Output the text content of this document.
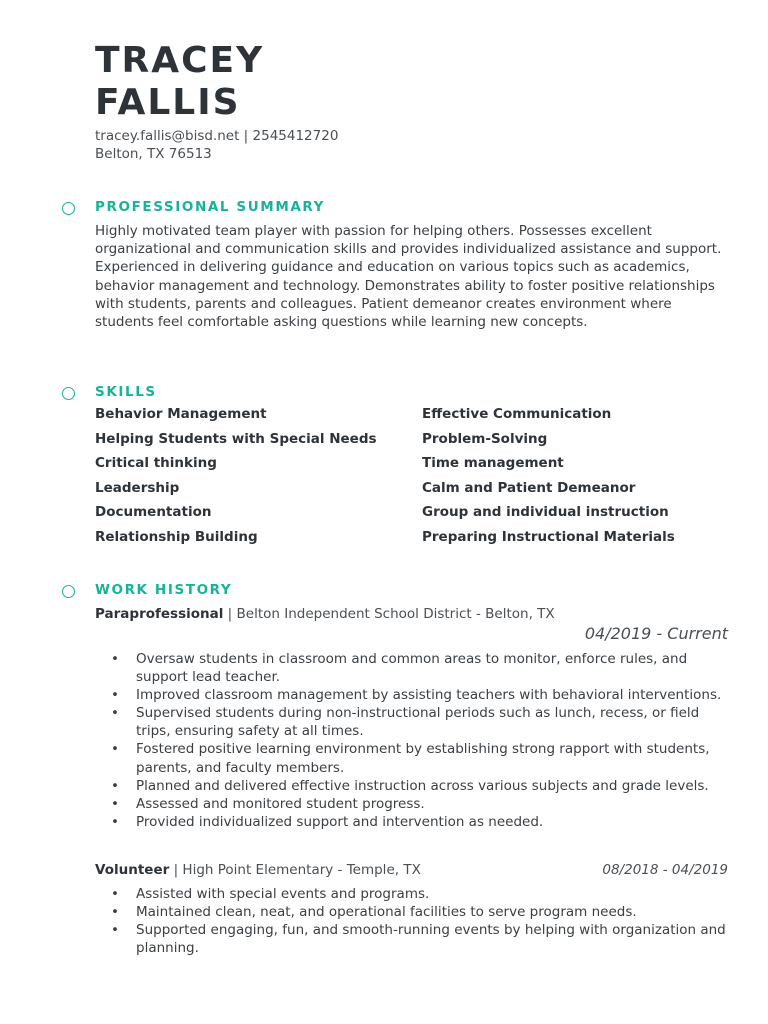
TRACEY
FALLIS
tracey.fallis@bisd.net | 2545412720
Belton, TX 76513
PROFESSIONAL SUMMARY

Highly motivated team player with passion for helping others. Possesses excellent organizational and communication skills and provides individualized assistance and support. Experienced in delivering guidance and education on various topics such as academics, behavior management and technology. Demonstrates ability to foster positive relationships with students, parents and colleagues. Patient demeanor creates environment where students feel comfortable asking questions while learning new concepts.

SKILLS
Behavior Management
Helping Students with Special Needs
Critical thinking
Leadership
Documentation
Relationship Building
Effective Communication
Problem-Solving
Time management
Calm and Patient Demeanor
Group and individual instruction
Preparing Instructional Materials
WORK HISTORY
Paraprofessional | Belton Independent School District - Belton, TX
04/2019 - Current
• Oversaw students in classroom and common areas to monitor, enforce rules, and support lead teacher.
• Improved classroom management by assisting teachers with behavioral interventions.
• Supervised students during non-instructional periods such as lunch, recess, or field trips, ensuring safety at all times.
• Fostered positive learning environment by establishing strong rapport with students, parents, and faculty members.
• Planned and delivered effective instruction across various subjects and grade levels.
• Assessed and monitored student progress.
• Provided individualized support and intervention as needed.
Volunteer | High Point Elementary - Temple, TX	08/2018 - 04/2019
• Assisted with special events and programs.
• Maintained clean, neat, and operational facilities to serve program needs.
• Supported engaging, fun, and smooth-running events by helping with organization and planning.
